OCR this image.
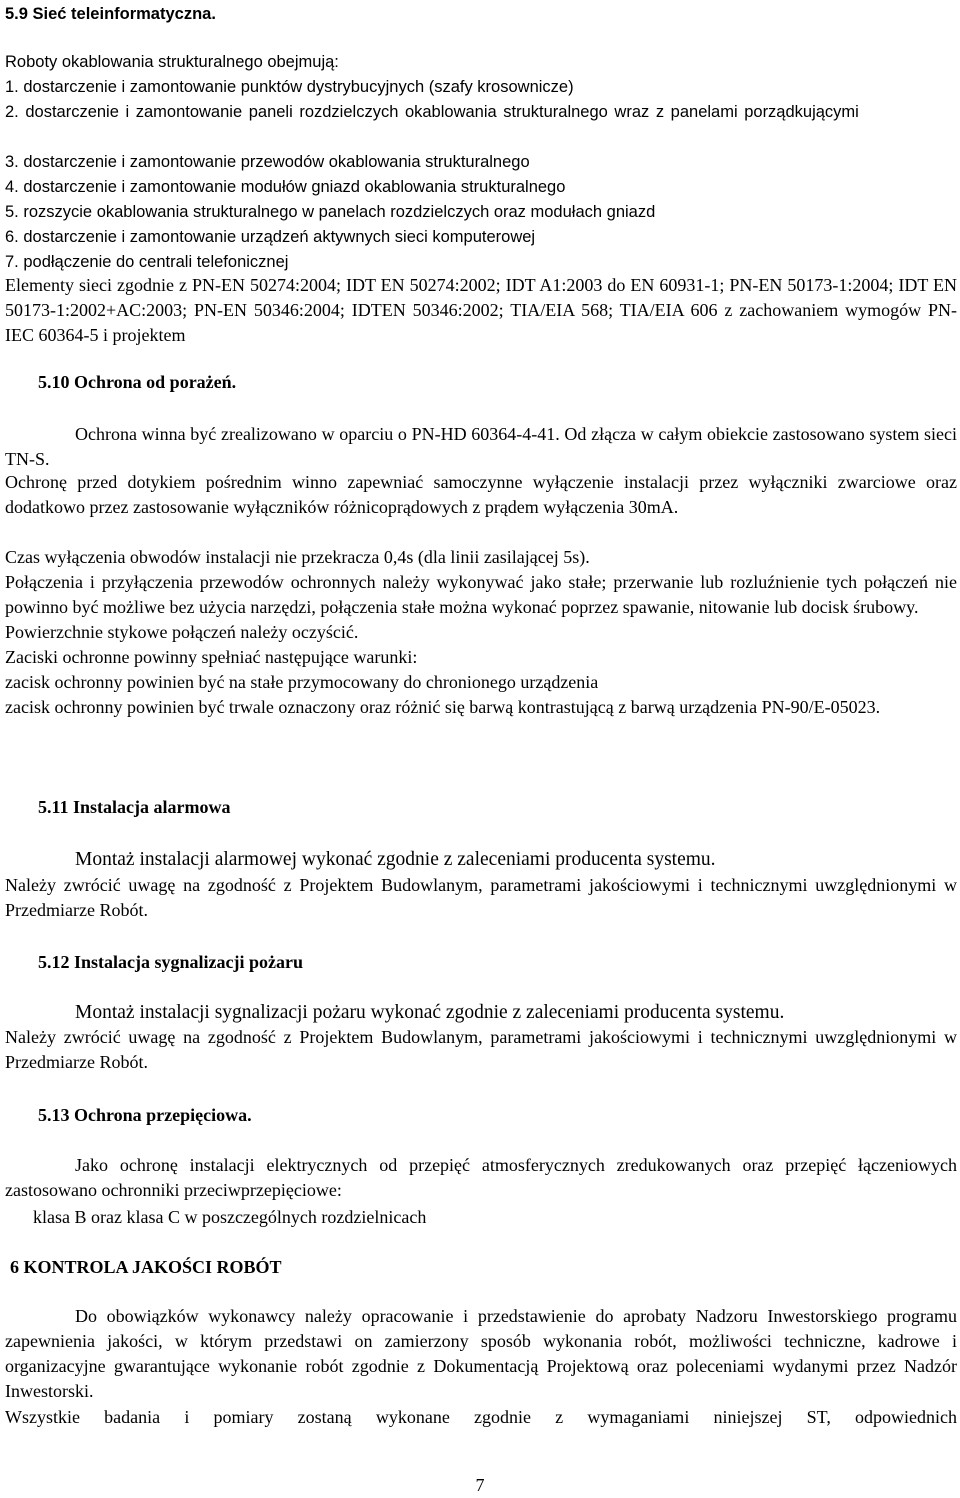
5.9 Sieć teleinformatyczna.
Roboty okablowania strukturalnego obejmują:
1. dostarczenie i zamontowanie punktów dystrybucyjnych (szafy krosownicze)
2. dostarczenie i zamontowanie paneli rozdzielczych okablowania strukturalnego wraz z panelami porządkującymi
3. dostarczenie i zamontowanie przewodów okablowania strukturalnego
4. dostarczenie i zamontowanie modułów gniazd okablowania strukturalnego
5. rozszycie okablowania strukturalnego w panelach rozdzielczych oraz modułach gniazd
6. dostarczenie i zamontowanie urządzeń aktywnych sieci komputerowej
7. podłączenie do centrali telefonicznej
Elementy sieci zgodnie z PN-EN 50274:2004; IDT EN 50274:2002; IDT A1:2003 do EN 60931-1; PN-EN 50173-1:2004; IDT EN 50173-1:2002+AC:2003; PN-EN 50346:2004; IDTEN 50346:2002; TIA/EIA 568; TIA/EIA 606 z zachowaniem wymogów PN-IEC 60364-5 i projektem
5.10 Ochrona od porażeń.
Ochrona winna być zrealizowano w oparciu o PN-HD 60364-4-41. Od złącza w całym obiekcie zastosowano system sieci TN-S.
Ochronę przed dotykiem pośrednim winno zapewniać samoczynne wyłączenie instalacji przez wyłączniki zwarciowe oraz dodatkowo przez zastosowanie wyłączników różnicoprądowych z prądem wyłączenia 30mA.
Czas wyłączenia obwodów instalacji nie przekracza 0,4s (dla linii zasilającej 5s).
Połączenia i przyłączenia przewodów ochronnych należy wykonywać jako stałe; przerwanie lub rozluźnienie tych połączeń nie powinno być możliwe bez użycia narzędzi, połączenia stałe można wykonać poprzez spawanie, nitowanie lub docisk śrubowy.
Powierzchnie stykowe połączeń należy oczyścić.
Zaciski ochronne powinny spełniać następujące warunki:
zacisk ochronny powinien być na stałe przymocowany do chronionego urządzenia
zacisk ochronny powinien być trwale oznaczony oraz różnić się barwą kontrastującą z barwą urządzenia PN-90/E-05023.
5.11 Instalacja alarmowa
Montaż instalacji alarmowej wykonać zgodnie z zaleceniami producenta systemu.
Należy zwrócić uwagę na zgodność z Projektem Budowlanym, parametrami jakościowymi i technicznymi uwzględnionymi w Przedmiarze Robót.
5.12 Instalacja sygnalizacji pożaru
Montaż instalacji sygnalizacji pożaru wykonać zgodnie z zaleceniami producenta systemu.
Należy zwrócić uwagę na zgodność z Projektem Budowlanym, parametrami jakościowymi i technicznymi uwzględnionymi w Przedmiarze Robót.
5.13 Ochrona przepięciowa.
Jako ochronę instalacji elektrycznych od przepięć atmosferycznych zredukowanych oraz przepięć łączeniowych zastosowano ochronniki przeciwprzepięciowe:
klasa B oraz klasa C w poszczególnych rozdzielnicach
6 KONTROLA JAKOŚCI ROBÓT
Do obowiązków wykonawcy należy opracowanie i przedstawienie do aprobaty Nadzoru Inwestorskiego programu zapewnienia jakości, w którym przedstawi on zamierzony sposób wykonania robót, możliwości techniczne, kadrowe i organizacyjne gwarantujące wykonanie robót zgodnie z Dokumentacją Projektową oraz poleceniami wydanymi przez Nadzór Inwestorski.
Wszystkie badania i pomiary zostaną wykonane zgodnie z wymaganiami niniejszej ST, odpowiednich
7
